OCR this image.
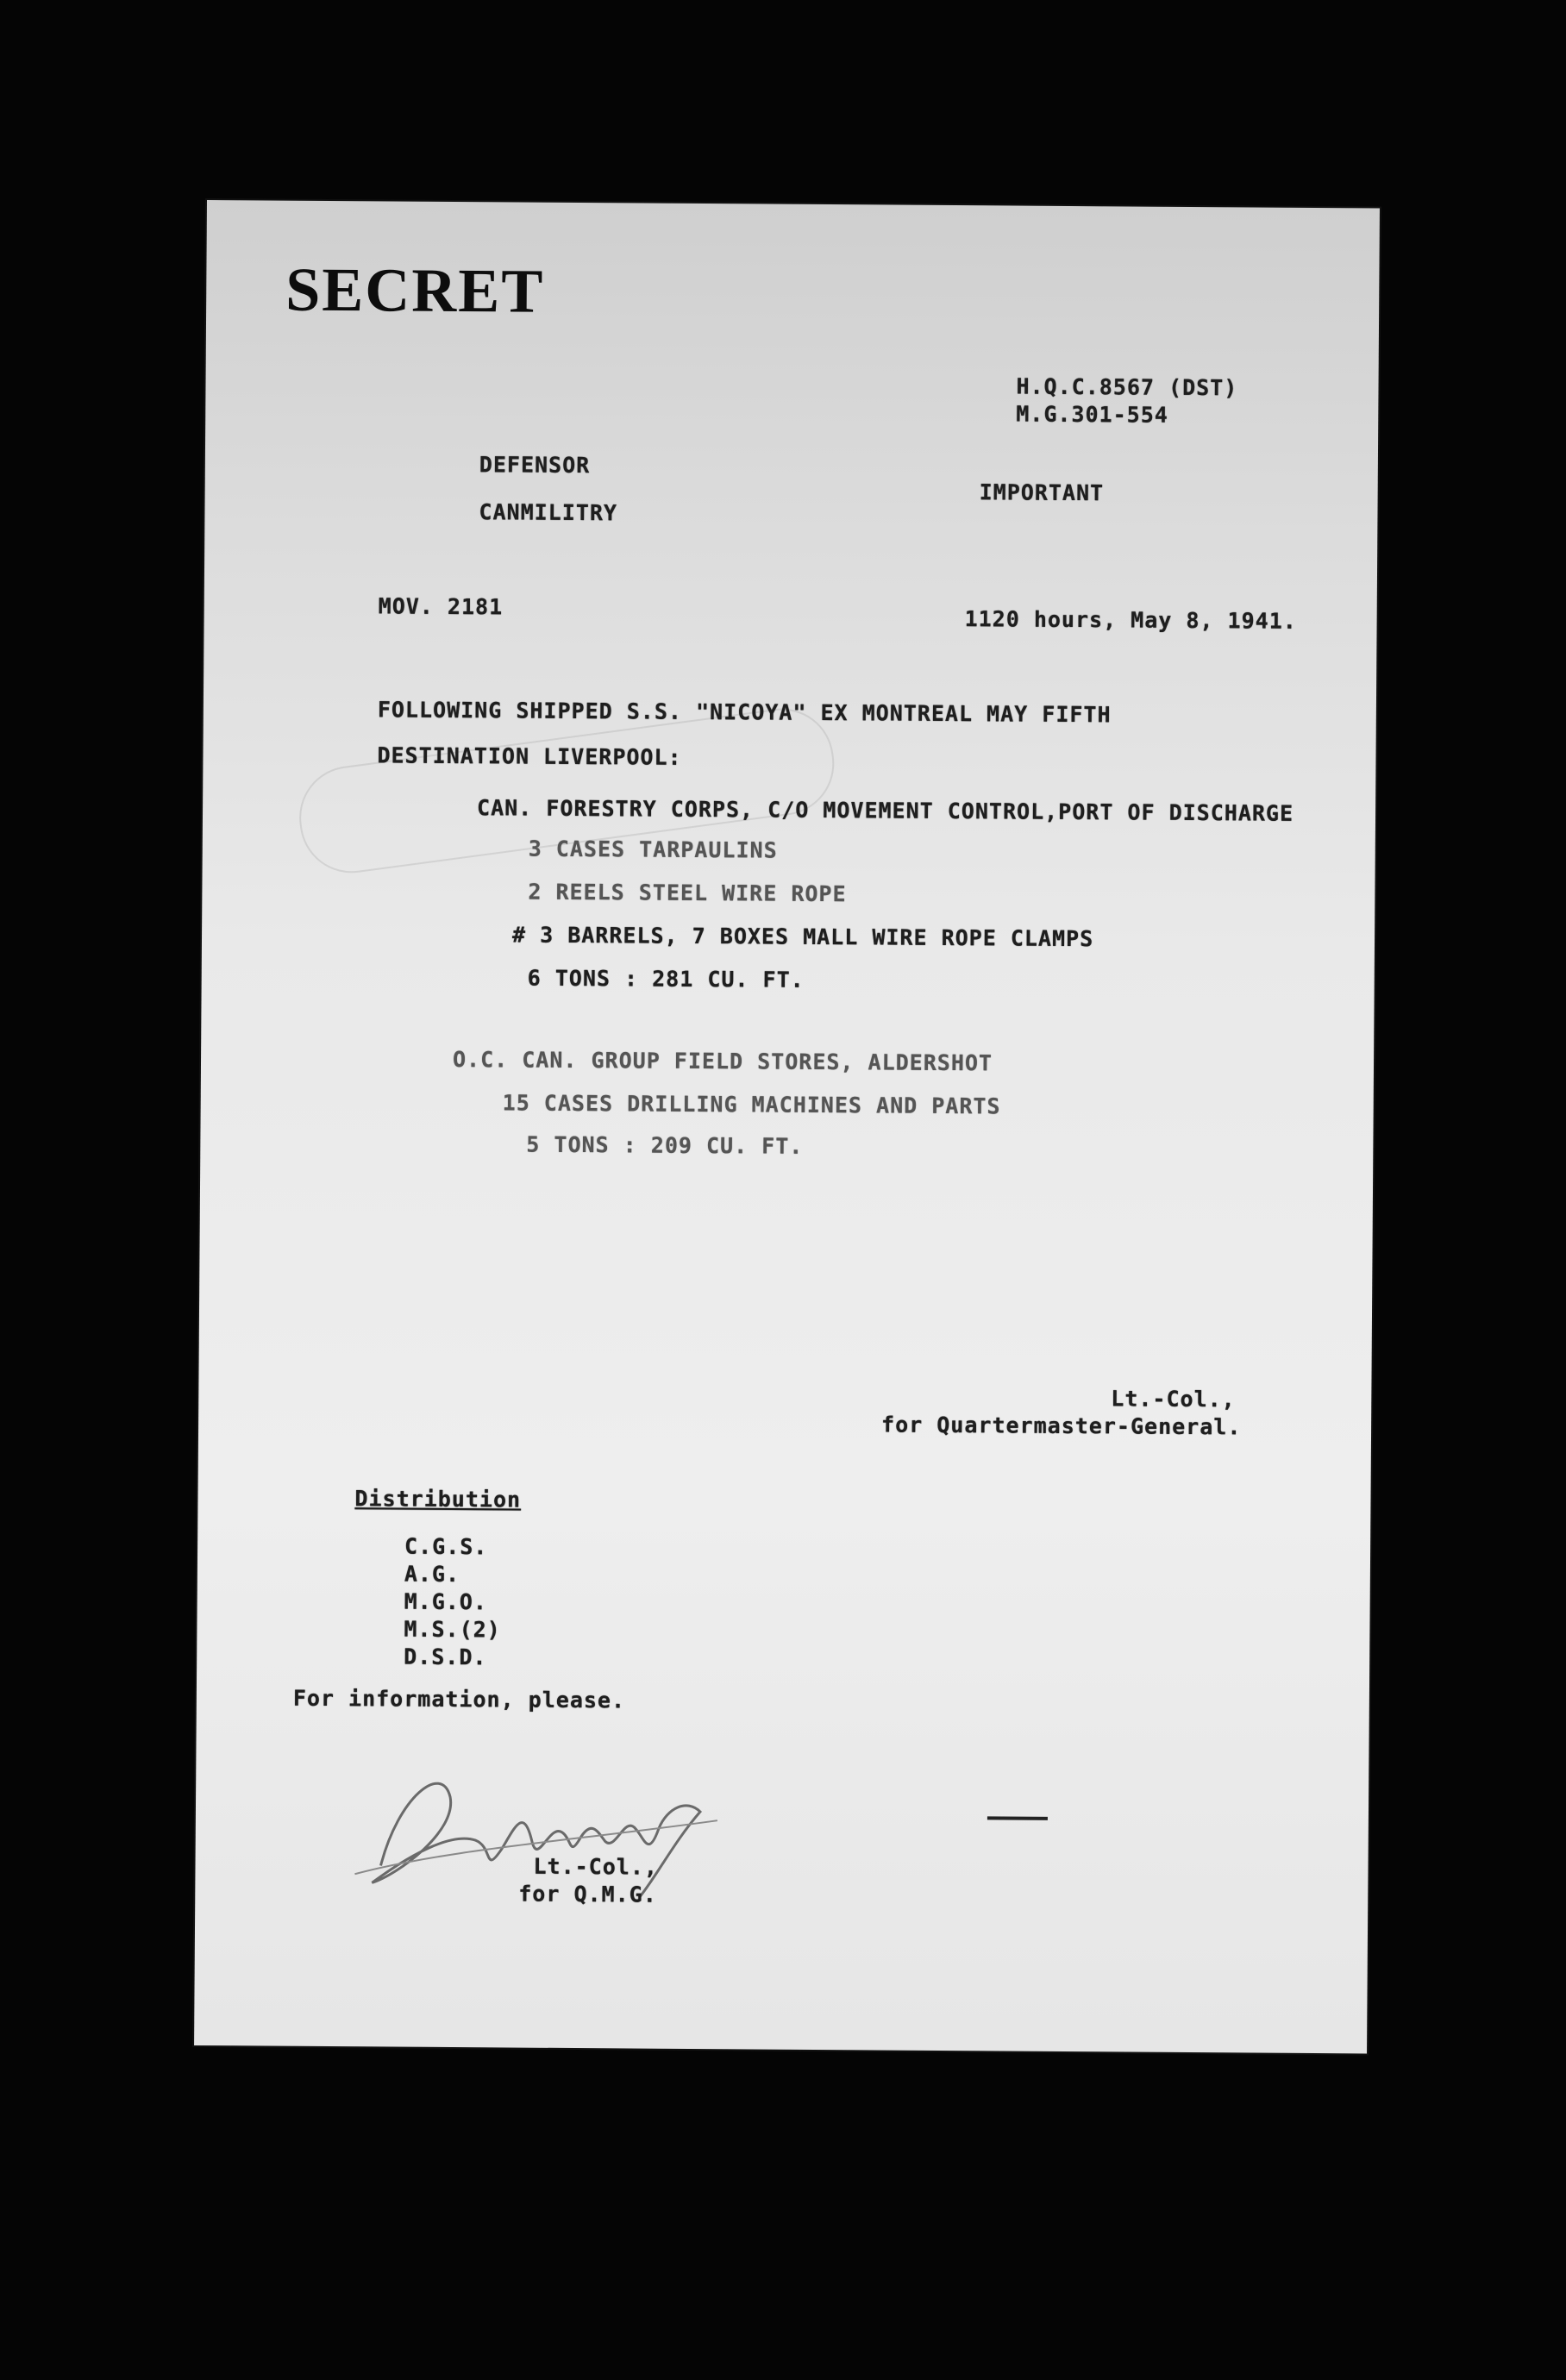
SECRET
H.Q.C.8567 (DST)
M.G.301-554
DEFENSOR
CANMILITRY
IMPORTANT
MOV. 2181	1120 hours, May 8, 1941.
FOLLOWING SHIPPED S.S. "NICOYA" EX MONTREAL MAY FIFTH
DESTINATION LIVERPOOL:
CAN. FORESTRY CORPS, C/O MOVEMENT CONTROL,PORT OF DISCHARGE
3 CASES TARPAULINS
2 REELS STEEL WIRE ROPE
# 3 BARRELS, 7 BOXES MALL WIRE ROPE CLAMPS
6 TONS : 281 CU. FT.
O.C. CAN. GROUP FIELD STORES, ALDERSHOT
15 CASES DRILLING MACHINES AND PARTS
5 TONS : 209 CU. FT.
Lt.-Col.,
for Quartermaster-General.
Distribution
C.G.S.
A.G.
M.G.O.
M.S.(2)
D.S.D.
For information, please.
Lt.-Col.,
for Q.M.G.
